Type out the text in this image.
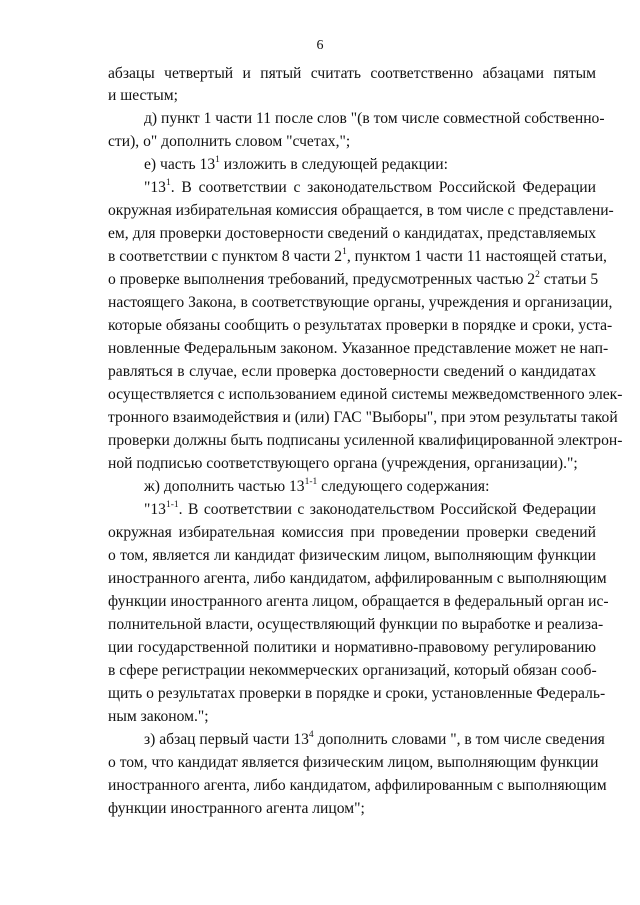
6
абзацы четвертый и пятый считать соответственно абзацами пятым
и шестым;
д) пункт 1 части 11 после слов "(в том числе совместной собственно-
сти), о" дополнить словом "счетах,";
е) часть $13^1$ изложить в следующей редакции:
"$13^1$. В соответствии с законодательством Российской Федерации
окружная избирательная комиссия обращается, в том числе с представлени-
ем, для проверки достоверности сведений о кандидатах, представляемых
в соответствии с пунктом 8 части $2^1$, пунктом 1 части 11 настоящей статьи,
о проверке выполнения требований, предусмотренных частью $2^2$ статьи 5
настоящего Закона, в соответствующие органы, учреждения и организации,
которые обязаны сообщить о результатах проверки в порядке и сроки, уста-
новленные Федеральным законом. Указанное представление может не нап-
равляться в случае, если проверка достоверности сведений о кандидатах
осуществляется с использованием единой системы межведомственного элек-
тронного взаимодействия и (или) ГАС "Выборы", при этом результаты такой
проверки должны быть подписаны усиленной квалифицированной электрон-
ной подписью соответствующего органа (учреждения, организации).";
ж) дополнить частью 13$^{1-1}$ следующего содержания:
"13$^{1-1}$. В соответствии с законодательством Российской Федерации
окружная избирательная комиссия при проведении проверки сведений
о том, является ли кандидат физическим лицом, выполняющим функции
иностранного агента, либо кандидатом, аффилированным с выполняющим
функции иностранного агента лицом, обращается в федеральный орган ис-
полнительной власти, осуществляющий функции по выработке и реализа-
ции государственной политики и нормативно-правовому регулированию
в сфере регистрации некоммерческих организаций, который обязан сооб-
щить о результатах проверки в порядке и сроки, установленные Федераль-
ным законом.";
з) абзац первый части $13^4$ дополнить словами ", в том числе сведения
о том, что кандидат является физическим лицом, выполняющим функции
иностранного агента, либо кандидатом, аффилированным с выполняющим
функции иностранного агента лицом";
